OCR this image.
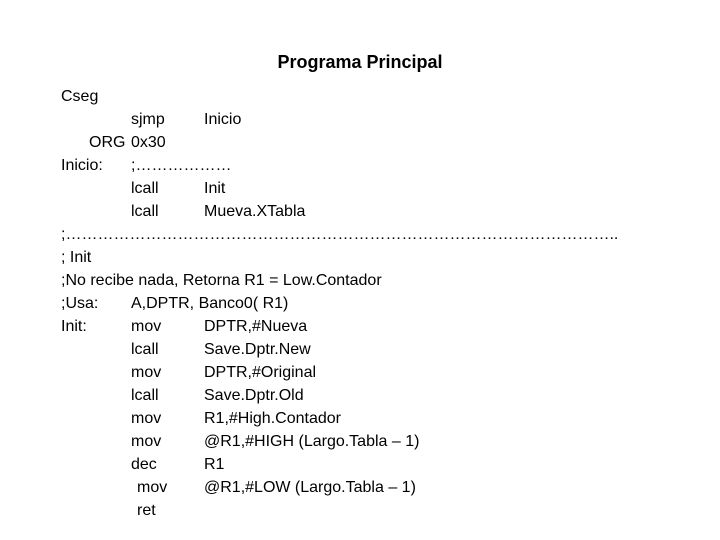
Programa Principal
Cseg
sjmp Inicio
ORG 0x30
Inicio: ;………………
lcall	Init
lcall	Mueva.XTabla
;…………………………………………………………………………………………..
; Init
;No recibe nada, Retorna R1 = Low.Contador
;Usa: A,DPTR, Banco0( R1)
Init:	mov	DPTR,#Nueva
lcall	Save.Dptr.New
mov	DPTR,#Original
lcall	Save.Dptr.Old
mov	R1,#High.Contador
mov	@R1,#HIGH (Largo.Tabla – 1)
dec	R1
mov @R1,#LOW (Largo.Tabla – 1)
ret
